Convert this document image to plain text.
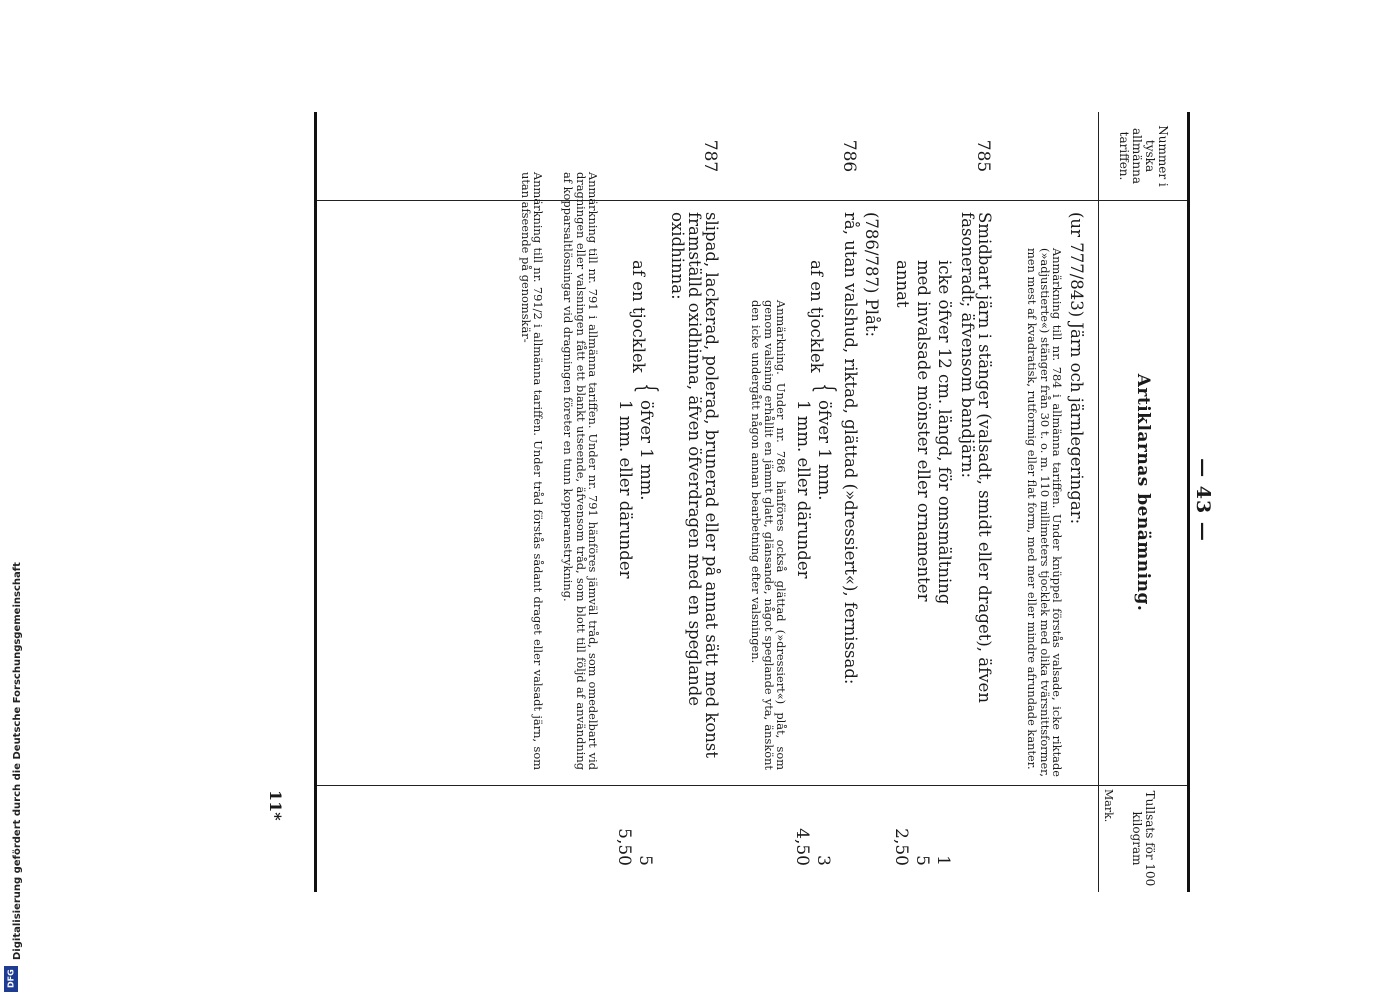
Digitalisierung gefördert durch die Deutsche Forschungsgemeinschaft
DFG
— 43 —
Nummer i tyska allmänna tariffen.
Artiklarnas benämning.
Tullsats för 100 kilogram
Mark.
(ur 777/843) Järn och järnlegeringar:
Anmärkning till nr. 784 i allmänna tariffen. Under knüppel förstås valsade, icke riktade (»adjustierte«) stänger från 30 t. o. m. 110 millimeters tjocklek med olika tvärsnittsformer, men mest af kvadratisk, rutformig eller flat form, med mer eller mindre afrundade kanter.
785
Smidbart järn i stänger (valsadt, smidt eller draget), äfven fasoneradt; äfvensom bandjärn:
icke öfver 12 cm. längd, för omsmältning
1
med invalsade mönster eller ornamenter
5
annat
2,50
(786/787) Plåt:
786
rå, utan valshud, riktad, glättad (»dressiert«), fernissad:
af en tjocklek
{
öfver 1 mm.
3
1 mm. eller därunder
4,50
Anmärkning. Under nr. 786 hänföres också glättad (»dressiert«) plåt, som genom valsning erhållit en jämnt glatt, glänsande, något speglande yta, änskönt den icke undergått någon annan bearbetning efter valsningen.
787
slipad, lackerad, polerad, brunerad eller på annat sätt med konst framställd oxidhinna, äfven öfverdragen med en speglande oxidhinna:
af en tjocklek
{
öfver 1 mm.
5
1 mm. eller därunder
5,50
Anmärkning till nr. 791 i allmänna tariffen. Under nr. 791 hänföres jämväl tråd, som omedelbart vid dragningen eller valsningen fått ett blankt utseende, äfvensom tråd, som blott till följd af användning af kopparsaltlösningar vid dragningen företer en tunn kopparanstrykning.
Anmärkning till nr. 791/2 i allmänna tariffen. Under tråd förstås sådant draget eller valsadt järn, som utan afseende på genomskär-
11*
